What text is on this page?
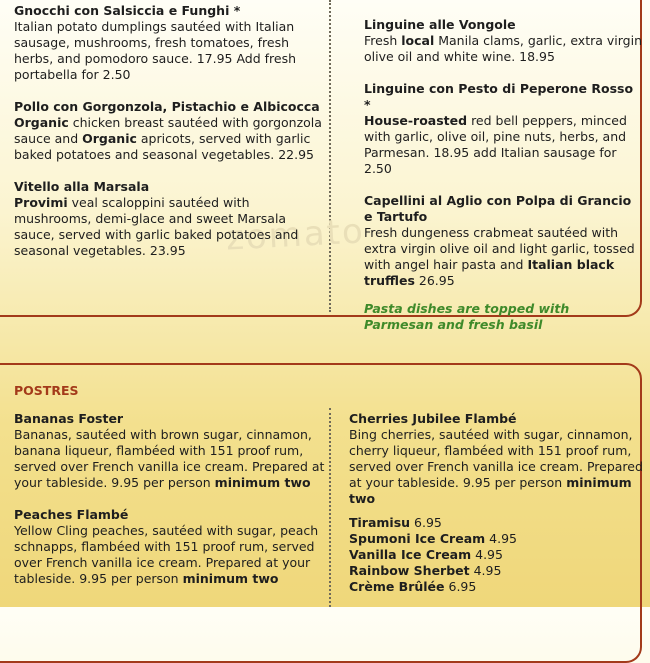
zomato
Gnocchi con Salsiccia e Funghi *
Italian potato dumplings sautéed with Italian sausage, mushrooms, fresh tomatoes, fresh herbs, and pomodoro sauce. 17.95 Add fresh portabella for 2.50
Pollo con Gorgonzola, Pistachio e Albicocca
Organic chicken breast sautéed with gorgonzola sauce and Organic apricots, served with garlic baked potatoes and seasonal vegetables. 22.95
Vitello alla Marsala
Provimi veal scaloppini sautéed with mushrooms, demi-glace and sweet Marsala sauce, served with garlic baked potatoes and seasonal vegetables. 23.95
Linguine alle Vongole
Fresh local Manila clams, garlic, extra virgin olive oil and white wine. 18.95
Linguine con Pesto di Peperone Rosso *
House-roasted red bell peppers, minced with garlic, olive oil, pine nuts, herbs, and Parmesan. 18.95 add Italian sausage for 2.50
Capellini al Aglio con Polpa di Grancio e Tartufo
Fresh dungeness crabmeat sautéed with extra virgin olive oil and light garlic, tossed with angel hair pasta and Italian black truffles 26.95
Pasta dishes are topped with Parmesan and fresh basil
POSTRES
Bananas Foster
Bananas, sautéed with brown sugar, cinnamon, banana liqueur, flambéed with 151 proof rum, served over French vanilla ice cream. Prepared at your tableside. 9.95 per person minimum two
Peaches Flambé
Yellow Cling peaches, sautéed with sugar, peach schnapps, flambéed with 151 proof rum, served over French vanilla ice cream. Prepared at your tableside. 9.95 per person minimum two
Cherries Jubilee Flambé
Bing cherries, sautéed with sugar, cinnamon, cherry liqueur, flambéed with 151 proof rum, served over French vanilla ice cream. Prepared at your tableside. 9.95 per person minimum two
Tiramisu 6.95
Spumoni Ice Cream 4.95
Vanilla Ice Cream 4.95
Rainbow Sherbet 4.95
Crème Brûlée 6.95
